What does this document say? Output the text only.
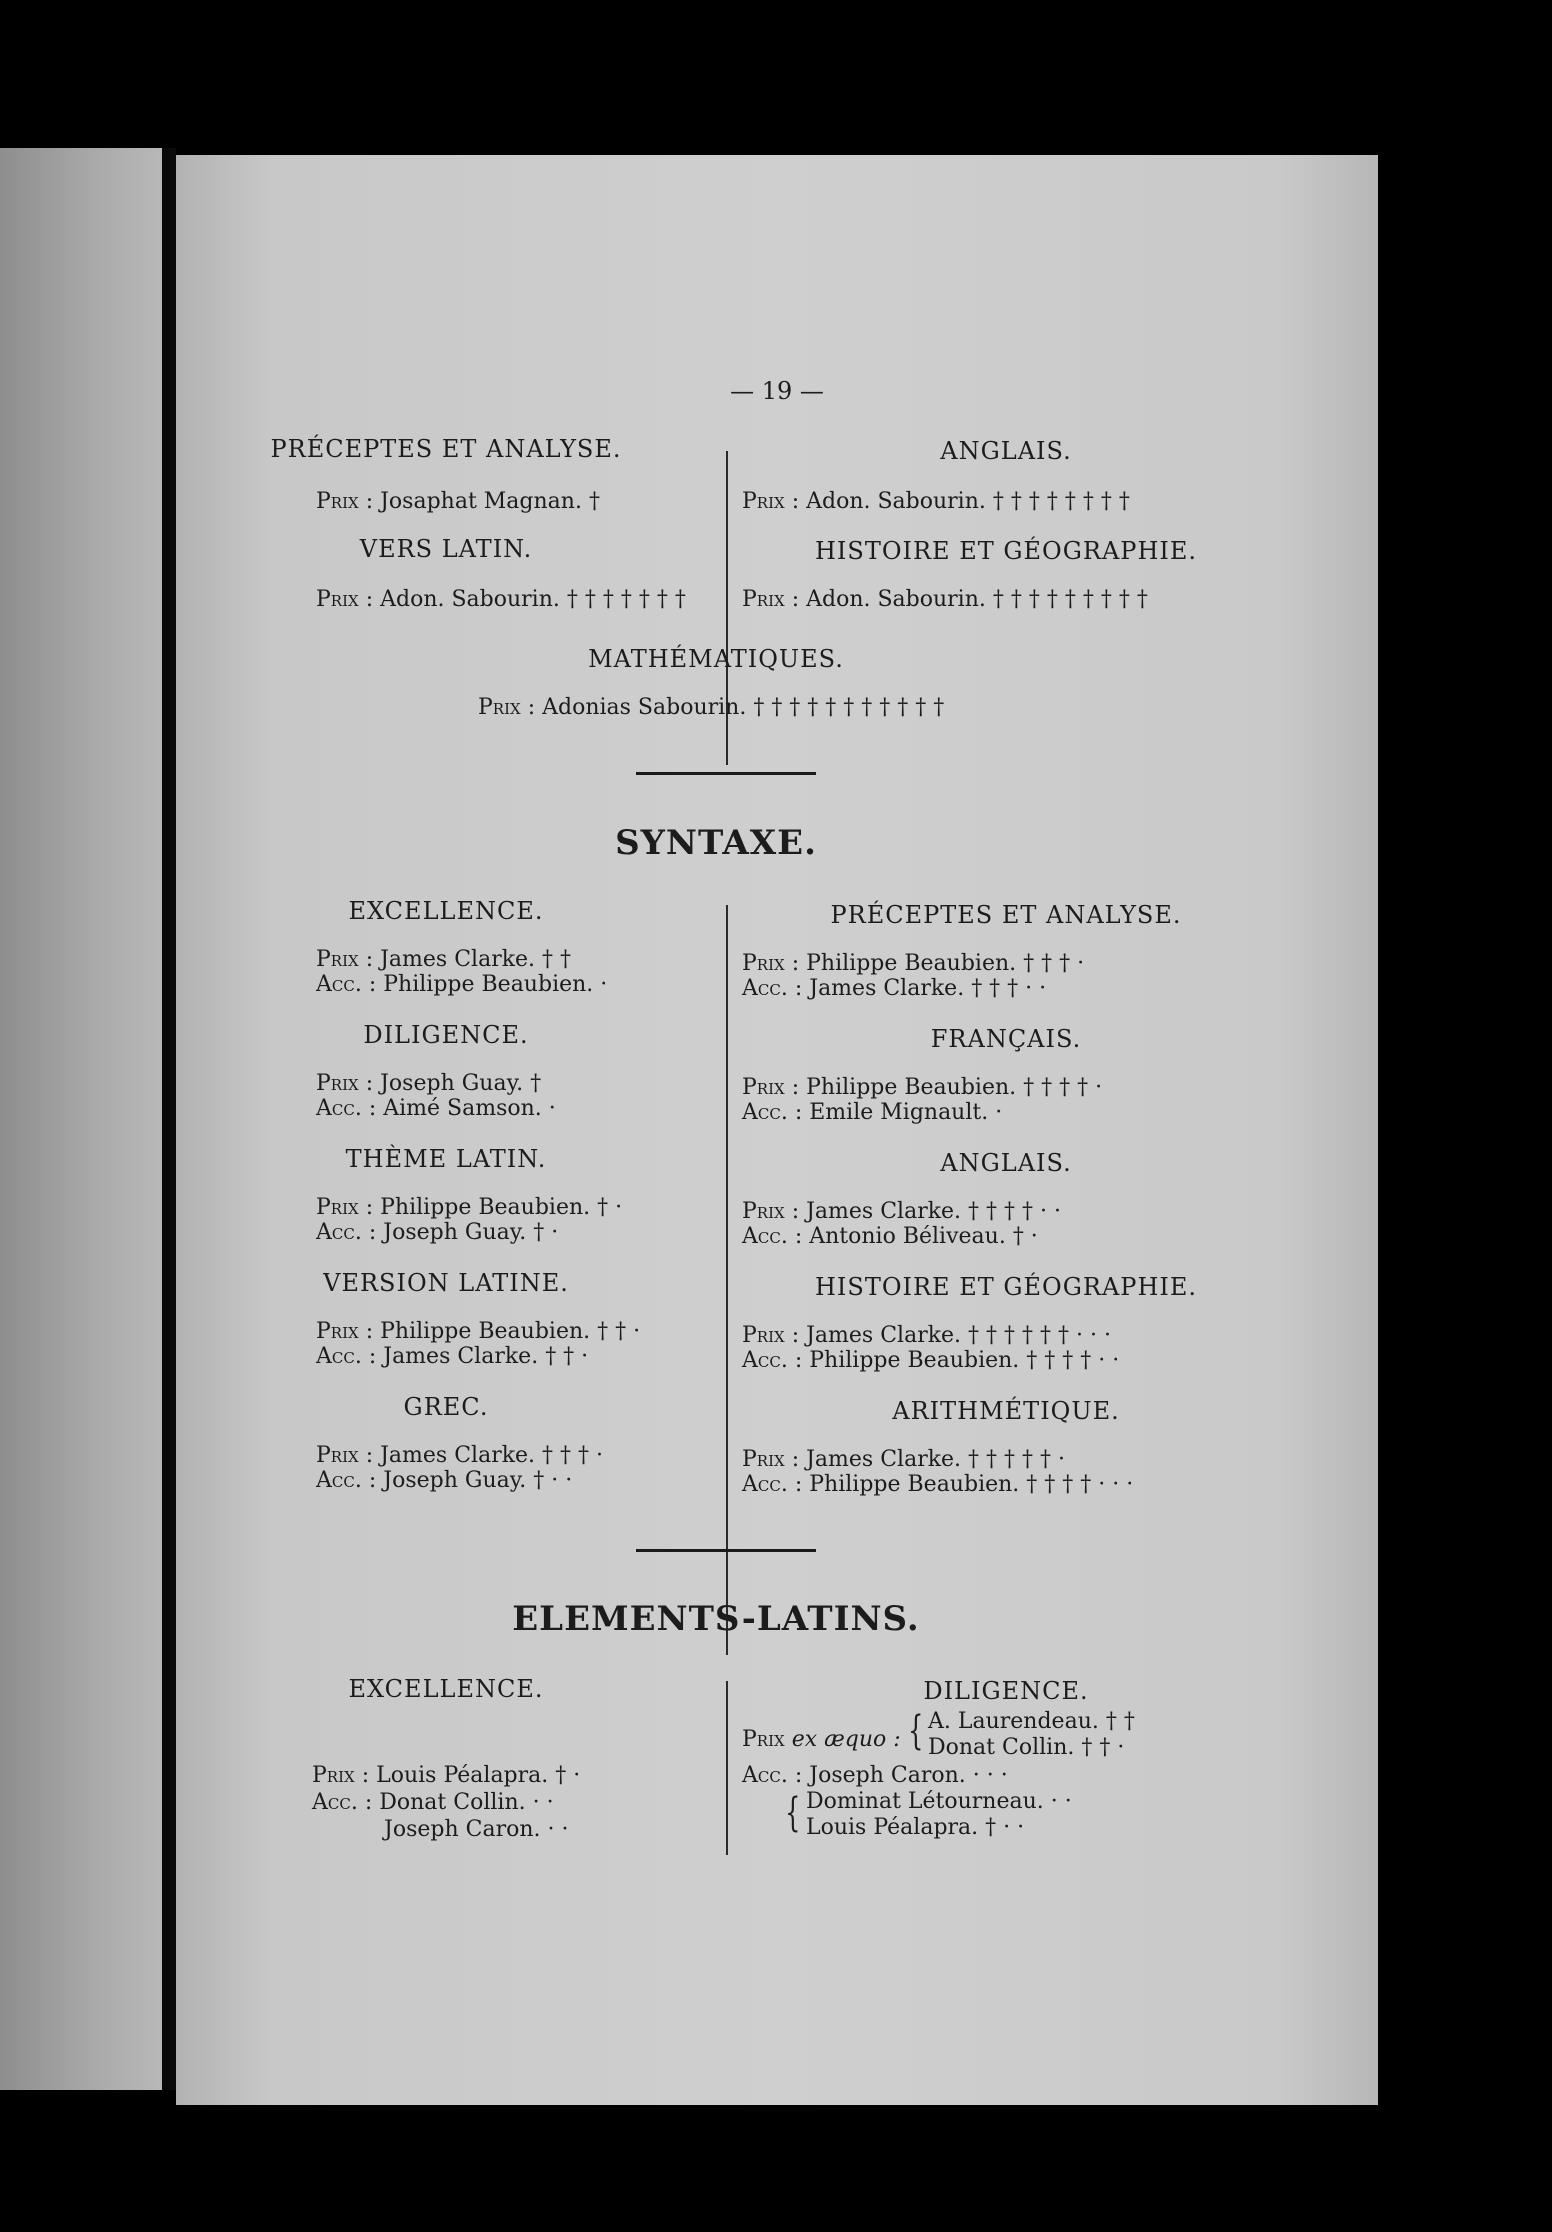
— 19 —
PRÉCEPTES ET ANALYSE.
Prix : Josaphat Magnan. †
VERS LATIN.
Prix : Adon. Sabourin. † † † † † † †
ANGLAIS.
Prix : Adon. Sabourin. † † † † † † † †
HISTOIRE ET GÉOGRAPHIE.
Prix : Adon. Sabourin. † † † † † † † † †
MATHÉMATIQUES.
Prix : Adonias Sabourin. † † † † † † † † † † †
SYNTAXE.
EXCELLENCE.
Prix : James Clarke. † †
Acc. : Philippe Beaubien. ·
DILIGENCE.
Prix : Joseph Guay. †
Acc. : Aimé Samson. ·
THÈME LATIN.
Prix : Philippe Beaubien. † ·
Acc. : Joseph Guay. † ·
VERSION LATINE.
Prix : Philippe Beaubien. † † ·
Acc. : James Clarke. † † ·
GREC.
Prix : James Clarke. † † † ·
Acc. : Joseph Guay. † · ·
PRÉCEPTES ET ANALYSE.
Prix : Philippe Beaubien. † † † ·
Acc. : James Clarke. † † † · ·
FRANÇAIS.
Prix : Philippe Beaubien. † † † † ·
Acc. : Emile Mignault. ·
ANGLAIS.
Prix : James Clarke. † † † † · ·
Acc. : Antonio Béliveau. † ·
HISTOIRE ET GÉOGRAPHIE.
Prix : James Clarke. † † † † † † · · ·
Acc. : Philippe Beaubien. † † † † · ·
ARITHMÉTIQUE.
Prix : James Clarke. † † † † † ·
Acc. : Philippe Beaubien. † † † † · · ·
ELEMENTS-LATINS.
EXCELLENCE.
Prix : Louis Péalapra. † ·
Acc. : Donat Collin. · ·
Joseph Caron. · ·
DILIGENCE.
Prix ex æquo : { A. Laurendeau. † †
Donat Collin. † † ·
Acc. : Joseph Caron. · · ·
{ Dominat Létourneau. · ·
Louis Péalapra. † · ·
